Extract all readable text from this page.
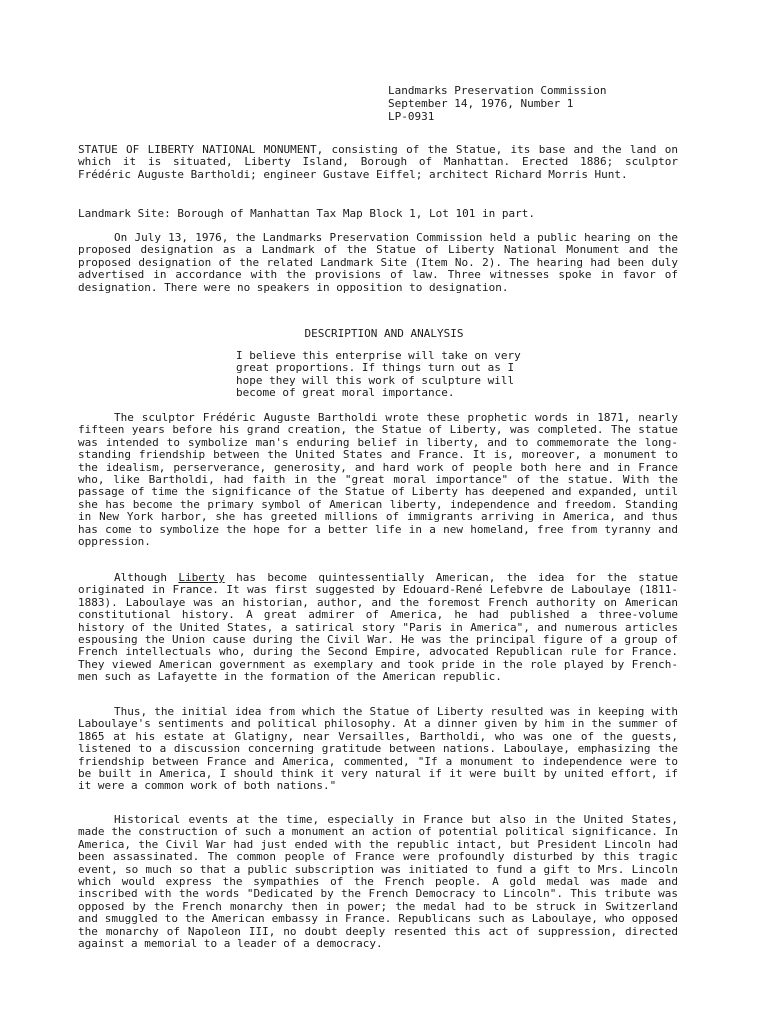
Landmarks Preservation Commission
September 14, 1976, Number 1
LP-0931

STATUE OF LIBERTY NATIONAL MONUMENT, consisting of the Statue, its base and the land on which it is situated, Liberty Island, Borough of Manhattan. Erected 1886; sculptor Frédéric Auguste Bartholdi; engineer Gustave Eiffel; architect Richard Morris Hunt.

Landmark Site: Borough of Manhattan Tax Map Block 1, Lot 101 in part.

On July 13, 1976, the Landmarks Preservation Commission held a public hearing on the proposed designation as a Landmark of the Statue of Liberty National Monument and the proposed designation of the related Landmark Site (Item No. 2). The hearing had been duly advertised in accordance with the provisions of law. Three witnesses spoke in favor of designation. There were no speakers in opposition to designation.

DESCRIPTION AND ANALYSIS
I believe this enterprise will take on very
great proportions. If things turn out as I
hope they will this work of sculpture will
become of great moral importance.

The sculptor Frédéric Auguste Bartholdi wrote these prophetic words in 1871, nearly fifteen years before his grand creation, the Statue of Liberty, was completed. The statue was intended to symbolize man's enduring belief in liberty, and to commemorate the long-standing friendship between the United States and France. It is, moreover, a monument to the idealism, perserverance, generosity, and hard work of people both here and in France who, like Bartholdi, had faith in the "great moral importance" of the statue. With the passage of time the significance of the Statue of Liberty has deepened and expanded, until she has become the primary symbol of American liberty, independence and freedom. Standing in New York harbor, she has greeted millions of immigrants arriving in America, and thus has come to symbolize the hope for a better life in a new homeland, free from tyranny and oppression.

Although Liberty has become quintessentially American, the idea for the statue originated in France. It was first suggested by Edouard-René Lefebvre de Laboulaye (1811-1883). Laboulaye was an historian, author, and the foremost French authority on American constitutional history. A great admirer of America, he had published a three-volume history of the United States, a satirical story "Paris in America", and numerous articles espousing the Union cause during the Civil War. He was the principal figure of a group of French intellectuals who, during the Second Empire, advocated Republican rule for France. They viewed American government as exemplary and took pride in the role played by French-men such as Lafayette in the formation of the American republic.

Thus, the initial idea from which the Statue of Liberty resulted was in keeping with Laboulaye's sentiments and political philosophy. At a dinner given by him in the summer of 1865 at his estate at Glatigny, near Versailles, Bartholdi, who was one of the guests, listened to a discussion concerning gratitude between nations. Laboulaye, emphasizing the friendship between France and America, commented, "If a monument to independence were to be built in America, I should think it very natural if it were built by united effort, if it were a common work of both nations."

Historical events at the time, especially in France but also in the United States, made the construction of such a monument an action of potential political significance. In America, the Civil War had just ended with the republic intact, but President Lincoln had been assassinated. The common people of France were profoundly disturbed by this tragic event, so much so that a public subscription was initiated to fund a gift to Mrs. Lincoln which would express the sympathies of the French people. A gold medal was made and inscribed with the words "Dedicated by the French Democracy to Lincoln". This tribute was opposed by the French monarchy then in power; the medal had to be struck in Switzerland and smuggled to the American embassy in France. Republicans such as Laboulaye, who opposed the monarchy of Napoleon III, no doubt deeply resented this act of suppression, directed against a memorial to a leader of a democracy.
